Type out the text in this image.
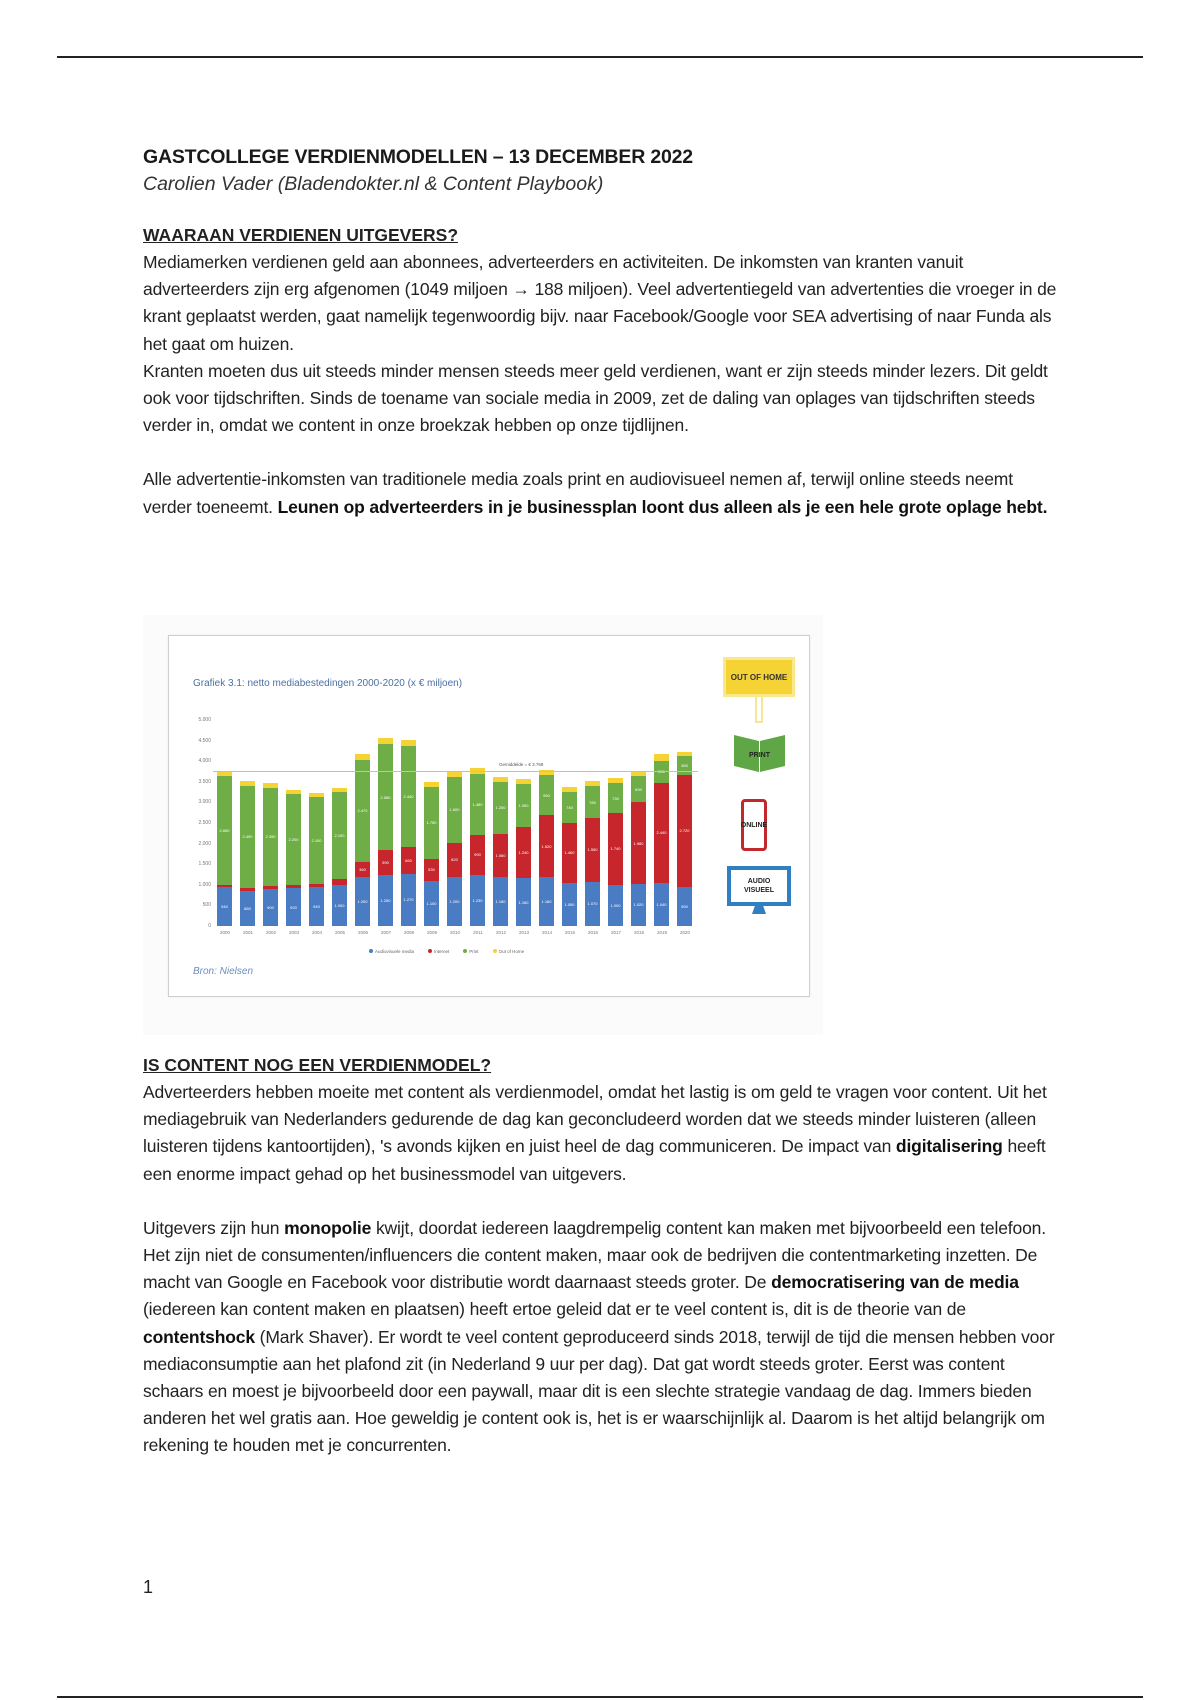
GASTCOLLEGE VERDIENMODELLEN – 13 DECEMBER 2022

Carolien Vader (Bladendokter.nl & Content Playbook)

WAARAAN VERDIENEN UITGEVERS?

Mediamerken verdienen geld aan abonnees, adverteerders en activiteiten. De inkomsten van kranten vanuit adverteerders zijn erg afgenomen (1049 miljoen → 188 miljoen). Veel advertentiegeld van advertenties die vroeger in de krant geplaatst werden, gaat namelijk tegenwoordig bijv. naar Facebook/Google voor SEA advertising of naar Funda als het gaat om huizen.

Kranten moeten dus uit steeds minder mensen steeds meer geld verdienen, want er zijn steeds minder lezers. Dit geldt ook voor tijdschriften. Sinds de toename van sociale media in 2009, zet de daling van oplages van tijdschriften steeds verder in, omdat we content in onze broekzak hebben op onze tijdlijnen.

Alle advertentie-inkomsten van traditionele media zoals print en audiovisueel nemen af, terwijl online steeds neemt verder toeneemt. Leunen op adverteerders in je businessplan loont dus alleen als je een hele grote oplage hebt.

Grafiek 3.1: netto mediabestedingen 2000-2020 (x € miljoen)
0
500
1.000
1.500
2.000
2.500
3.000
3.500
4.000
4.500
5.000
940
2.660
2000
860
2.490
2001
900
2.390
2002
920
2.200
2003
940
2.100
2004
1.000
2.100
2005
1.200
360
2.470
2006
1.250
590
2.580
2007
1.270
660
2.440
2008
1.100
530
1.750
2009
1.200
820
1.600
2010
1.230
990
1.480
2011
1.180
1.060
1.250
2012
1.160
1.240
1.050
2013
1.180
1.520
960
2014
1.050
1.460
740
2015
1.070
1.550
780
2016
1.000
1.740
730
2017
1.020
1.980
630
2018
1.040
2.440
2019
950
2.720
450
2020
Gemiddelde = € 3.768
Audiovisuele media	Internet	Print	Out of Home
Bron: Nielsen
OUT OF HOME
PRINT
ONLINE
AUDIO
VISUEEL
IS CONTENT NOG EEN VERDIENMODEL?

Adverteerders hebben moeite met content als verdienmodel, omdat het lastig is om geld te vragen voor content. Uit het mediagebruik van Nederlanders gedurende de dag kan geconcludeerd worden dat we steeds minder luisteren (alleen luisteren tijdens kantoortijden), 's avonds kijken en juist heel de dag communiceren. De impact van digitalisering heeft een enorme impact gehad op het businessmodel van uitgevers.

Uitgevers zijn hun monopolie kwijt, doordat iedereen laagdrempelig content kan maken met bijvoorbeeld een telefoon. Het zijn niet de consumenten/influencers die content maken, maar ook de bedrijven die contentmarketing inzetten. De macht van Google en Facebook voor distributie wordt daarnaast steeds groter. De democratisering van de media (iedereen kan content maken en plaatsen) heeft ertoe geleid dat er te veel content is, dit is de theorie van de contentshock (Mark Shaver). Er wordt te veel content geproduceerd sinds 2018, terwijl de tijd die mensen hebben voor mediaconsumptie aan het plafond zit (in Nederland 9 uur per dag). Dat gat wordt steeds groter. Eerst was content schaars en moest je bijvoorbeeld door een paywall, maar dit is een slechte strategie vandaag de dag. Immers bieden anderen het wel gratis aan. Hoe geweldig je content ook is, het is er waarschijnlijk al. Daarom is het altijd belangrijk om rekening te houden met je concurrenten.

1
